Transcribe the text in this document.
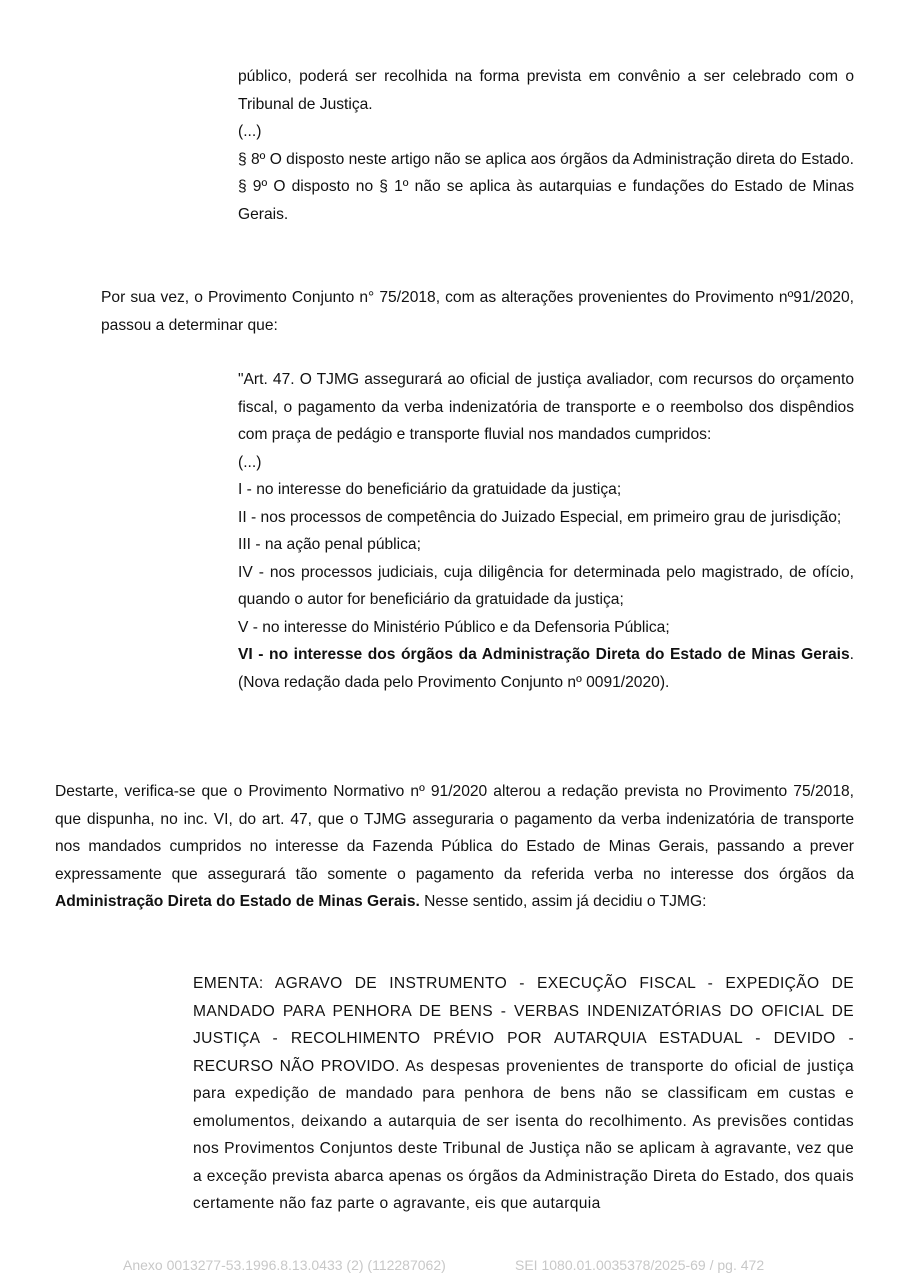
público, poderá ser recolhida na forma prevista em convênio a ser celebrado com o Tribunal de Justiça.

(...)

§ 8º O disposto neste artigo não se aplica aos órgãos da Administração direta do Estado.

§ 9º O disposto no § 1º não se aplica às autarquias e fundações do Estado de Minas Gerais.

Por sua vez, o Provimento Conjunto n° 75/2018, com as alterações provenientes do Provimento nº91/2020, passou a determinar que:

"Art. 47. O TJMG assegurará ao oficial de justiça avaliador, com recursos do orçamento fiscal, o pagamento da verba indenizatória de transporte e o reembolso dos dispêndios com praça de pedágio e transporte fluvial nos mandados cumpridos:

(...)

I - no interesse do beneficiário da gratuidade da justiça;

II - nos processos de competência do Juizado Especial, em primeiro grau de jurisdição;

III - na ação penal pública;

IV - nos processos judiciais, cuja diligência for determinada pelo magistrado, de ofício, quando o autor for beneficiário da gratuidade da justiça;

V - no interesse do Ministério Público e da Defensoria Pública;

VI - no interesse dos órgãos da Administração Direta do Estado de Minas Gerais. (Nova redação dada pelo Provimento Conjunto nº 0091/2020).

Destarte, verifica-se que o Provimento Normativo nº 91/2020 alterou a redação prevista no Provimento 75/2018, que dispunha, no inc. VI, do art. 47, que o TJMG asseguraria o pagamento da verba indenizatória de transporte nos mandados cumpridos no interesse da Fazenda Pública do Estado de Minas Gerais, passando a prever expressamente que assegurará tão somente o pagamento da referida verba no interesse dos órgãos da Administração Direta do Estado de Minas Gerais. Nesse sentido, assim já decidiu o TJMG:

EMENTA: AGRAVO DE INSTRUMENTO - EXECUÇÃO FISCAL - EXPEDIÇÃO DE MANDADO PARA PENHORA DE BENS - VERBAS INDENIZATÓRIAS DO OFICIAL DE JUSTIÇA - RECOLHIMENTO PRÉVIO POR AUTARQUIA ESTADUAL - DEVIDO - RECURSO NÃO PROVIDO. As despesas provenientes de transporte do oficial de justiça para expedição de mandado para penhora de bens não se classificam em custas e emolumentos, deixando a autarquia de ser isenta do recolhimento. As previsões contidas nos Provimentos Conjuntos deste Tribunal de Justiça não se aplicam à agravante, vez que a exceção prevista abarca apenas os órgãos da Administração Direta do Estado, dos quais certamente não faz parte o agravante, eis que autarquia

Anexo 0013277-53.1996.8.13.0433 (2) (112287062)	SEI 1080.01.0035378/2025-69 / pg. 472
